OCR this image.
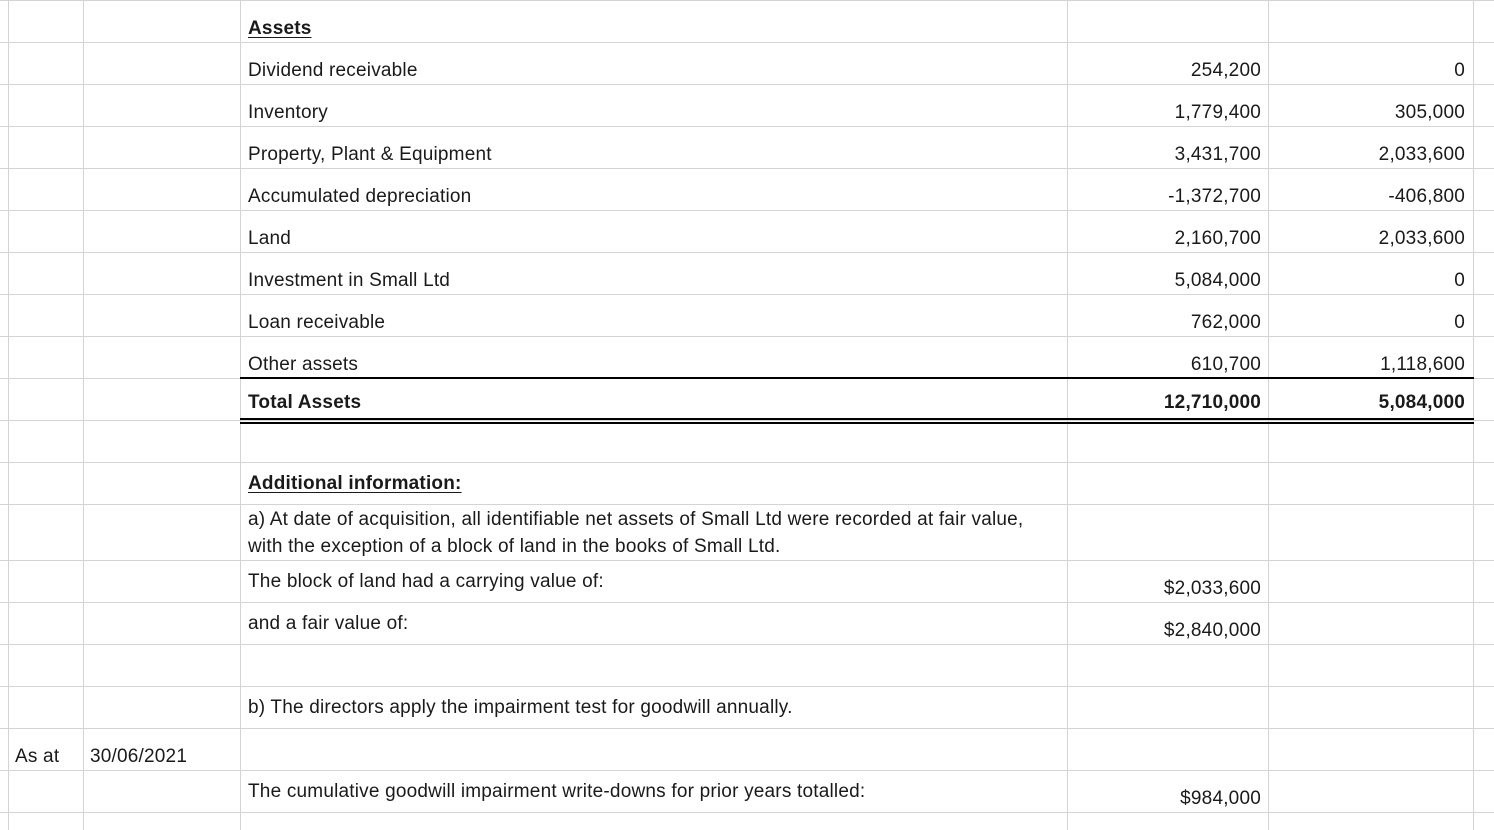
Assets
Dividend receivable	254,200	0
Inventory	1,779,400	305,000
Property, Plant & Equipment	3,431,700	2,033,600
Accumulated depreciation	-1,372,700	-406,800
Land	2,160,700	2,033,600
Investment in Small Ltd	5,084,000	0
Loan receivable	762,000	0
Other assets	610,700	1,118,600
Total Assets	12,710,000	5,084,000
Additional information:
a) At date of acquisition, all identifiable net assets of Small Ltd were recorded at fair value, with the exception of a block of land in the books of Small Ltd.
The block of land had a carrying value of:	$2,033,600
and a fair value of:	$2,840,000
b) The directors apply the impairment test for goodwill annually.
As at 30/06/2021
The cumulative goodwill impairment write-downs for prior years totalled:	$984,000
